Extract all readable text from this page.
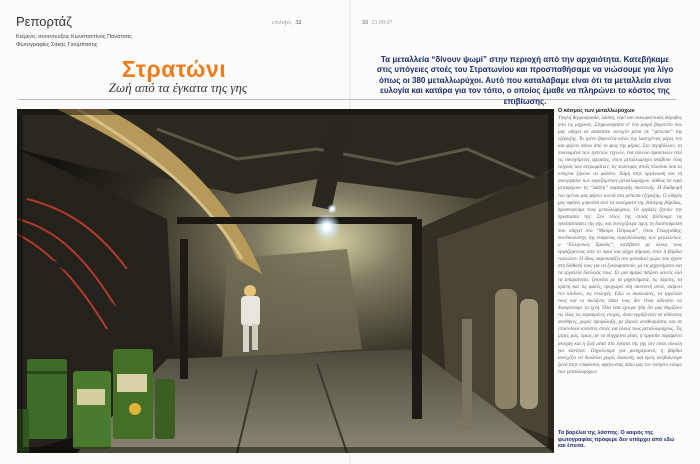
Ρεπορτάζ
Κείμενο, συνεντεύξεις Κωνσταντίνος Πανάτσας
Φωτογραφίες Σάκης Γιούμπασης
επιλογές 32	33 21.09.07
Στρατώνι
Ζωή από τα έγκατα της γης
Τα μεταλλεία “δίνουν ψωμί” στην περιοχή από την αρχαιότητα. Κατεβήκαμε στις υπόγειες στοές του Στρατωνίου και προσπαθήσαμε να νιώσουμε για λίγο όπως οι 380 μεταλλωρύχοι. Αυτό που καταλάβαμε είναι ότι τα μεταλλεία είναι ευλογία και κατάρα για τον τόπο, ο οποίος έμαθε να πληρώνει το κόστος της επιβίωσης.
Ο κόσμος των μεταλλωρύχων
Υψηλή θερμοκρασία, λάσπη, νερό και εκκωφαντικός θόρυβος από τις μηχανές. Στημωνόμαστε σ' ένα μικρό βαγονέτο που μας οδηγεί σε ασύστατο ανοιχτό μέσα σε “μέτωπα” της εξόρυξης. Το τρένο βαγονέτα κάνει της λαστιχένιες μέρες του και φέρνει πάνω από το φως της μέρας. Στο περιβάλλον, τα πυκνωμένα των ερπετών τεχνών, ένα σύνολο πρακτικών από τις συνεχόμενες εργασίες, όπου μεταλλωρύχοι σκάβουν τους τοίχους των πετρωμάτων, τις πολύτιμες στοές πλούτου που τα υπόγεια ξέρουν να φυλάνε. Χάρη στην οργάνωση και τη συνεργασία των εργαζομένων μεταλλωρύχων, καθώς τα νερά μεταφέρουν τη “λάσπη” παραγωγής σκοτεινής. Η διαδρομή του τρένου μας φέρνει κοντά στα μέτωπα εξόρυξης. Ο οδηγός μας αφήνει μπροστά από τα ανοίγματα της δεύτερης βάρδιας, προσπερνάμε τους μεταλλωρύχους. Οι εργάτες ζητούν την προστασία της. Στο τέλος της στοάς βλέπουμε τις εγκαταστάσεις της γης, και συνεχίζουμε προς τη διασταύρωση που οδηγεί στο “Μαύρο Πέτρωμα”, όπου Γεωργιάδης, συνδικαλιστής της εταιρείας εκμετάλλευσης των μεταλλείων, ο “Ελληνικός Χρυσός”, κατέβαινε με όλους τους εργαζόμενους από το πρωί και μέχρι σήμερα, όταν η βάρδια τελειώνει. Ο ίδιος παρουσιάζει στο μοναδικό χώρο που έχουν στη διάθεσή τους για να ξεκουραστούν, με τα μηχανήματα και τα εργαλεία δουλειάς τους. Σε μια ημέρα παίρνει κανείς όλα τα απαραίτητα, ξεκινάει με τα μηχανήματα, τις λάμπες, τα κράνη και τις φακές, προχωρεί στη σκοτεινή στοά, παίρνει τον κίνδυνο, τις επιλογές. Εδώ οι σκαλωσιές, τα εργαλεία τους και οι σωλήνες πίσω τους δεν είναι αδύνατο να διακρίνουμε τα ίχνη. Όλα όσα έχουμε ήδη δει μας θυμίζουν τις ίδιες τις περασμένες εποχές, όπου εργάζονταν σε αδύνατες συνθήκες, χωρίς προφύλαξη, με βαριές αναθυμιάσεις και σε επικίνδυνα κλειστές στοές για όλους τους μεταλλωρύχους. Τις μέρες μας, όμως, με τα σύγχρονα μέσα, η εργασία παραμένει σκληρή και η ζωή μέσα στα έγκατα της γης δεν είναι εύκολη για κανέναν. Πηγαίνουμε για μεσημεριανό, η βάρδια συνεχίζει να δουλεύει χωρίς διακοπή, και εμείς ανεβαίνουμε ξανά στην επιφάνεια, αφήνοντας πίσω μας τον υπόγειο κόσμο των μεταλλωρύχων.
Τα βαρέλια της λάσπης. Ο καιρός της φωτογραφίας πρόφερε δεν υπάρχει από εδώ και έπειτα.
